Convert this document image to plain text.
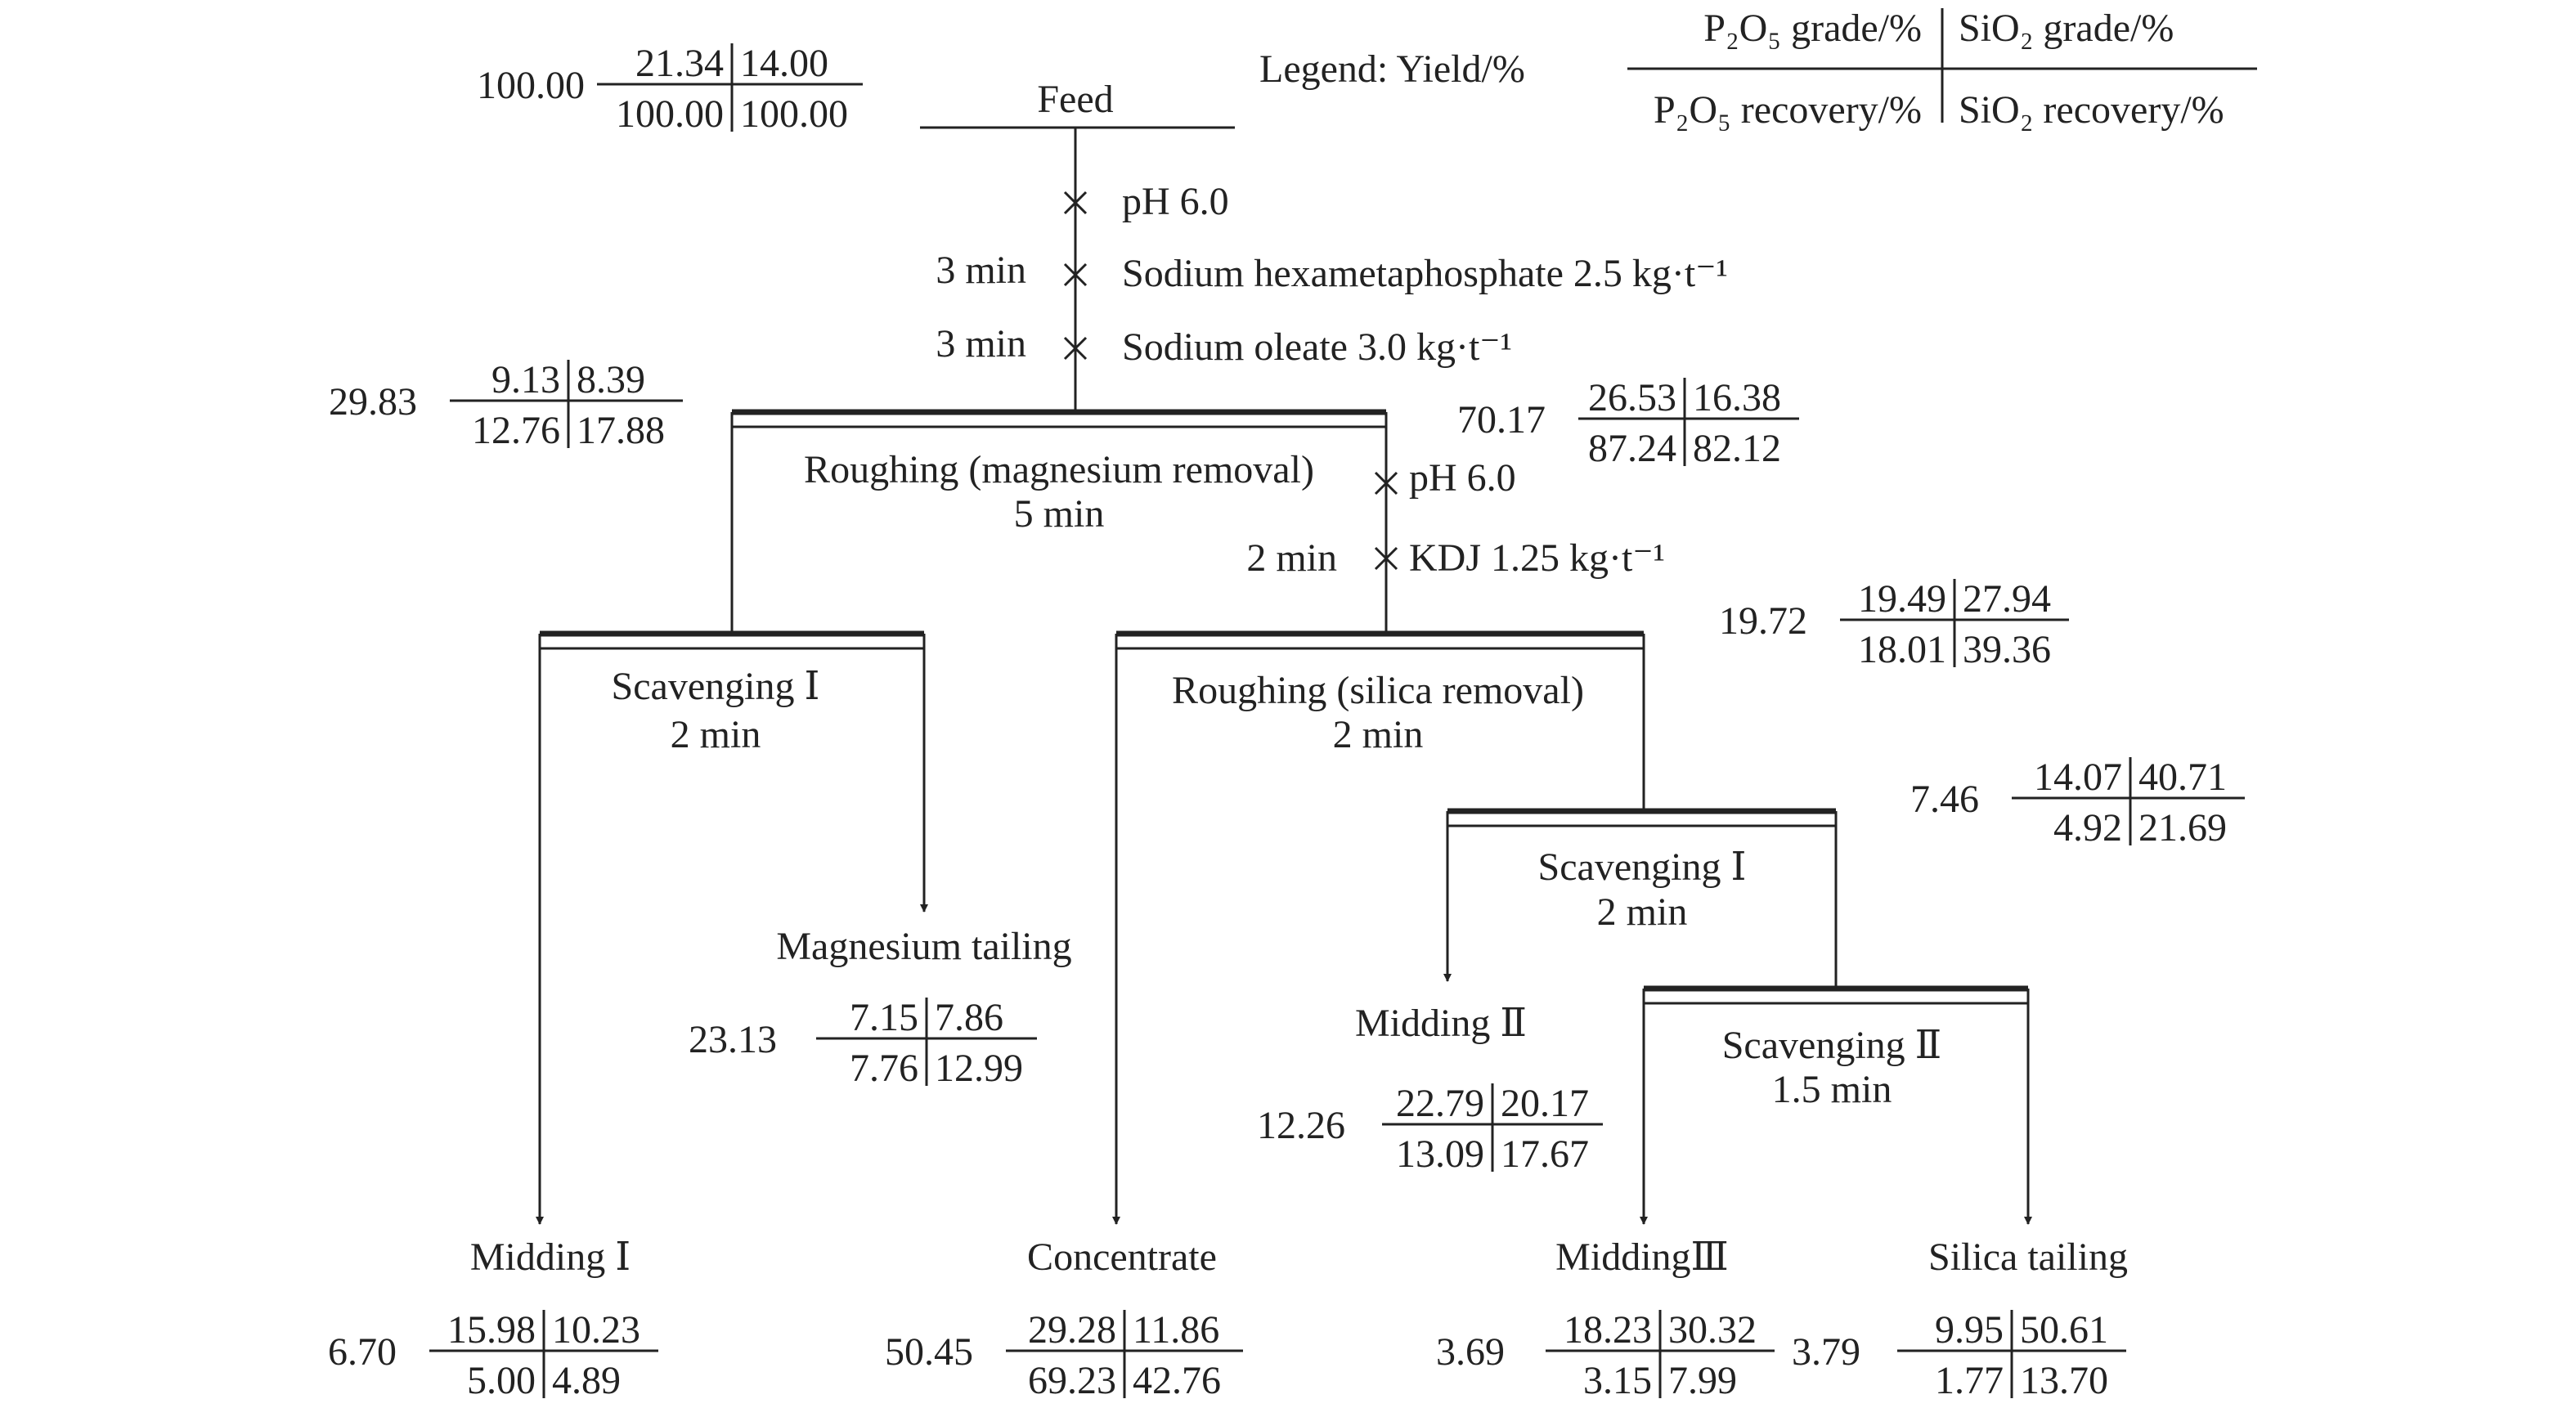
Legend: Yield/%
P₂O₅ grade/% SiO₂ grade/%
P₂O₅ recovery/% SiO₂ recovery/%
pH 6.0
3 min Sodium hexametaphosphate 2.5 kg·t⁻¹
3 min Sodium oleate 3.0 kg·t⁻¹
pH 6.0
2 min KDJ 1.25 kg·t⁻¹
Feed
Roughing (magnesium removal)
5 min
Scavenging Ⅰ
2 min
Roughing (silica removal)
2 min
Scavenging Ⅰ
2 min
Scavenging Ⅱ
1.5 min
Magnesium tailing
Midding Ⅱ
Midding Ⅰ	Concentrate	MiddingⅢ	Silica tailing
100.00
21.34 14.00
100.00 100.00
29.83
9.13 8.39
12.76 17.88	70.17
26.53 16.38
87.24 82.12
19.72
19.49 27.94
18.01 39.36
7.46
14.07 40.71
4.92 21.69
23.13
7.15 7.86
7.76 12.99
12.26
22.79 20.17
13.09 17.67
6.70
15.98 10.23
5.00 4.89
50.45
29.28 11.86
69.23 42.76
3.69
18.23 30.32
3.15 7.99
3.79
9.95 50.61
1.77 13.70
